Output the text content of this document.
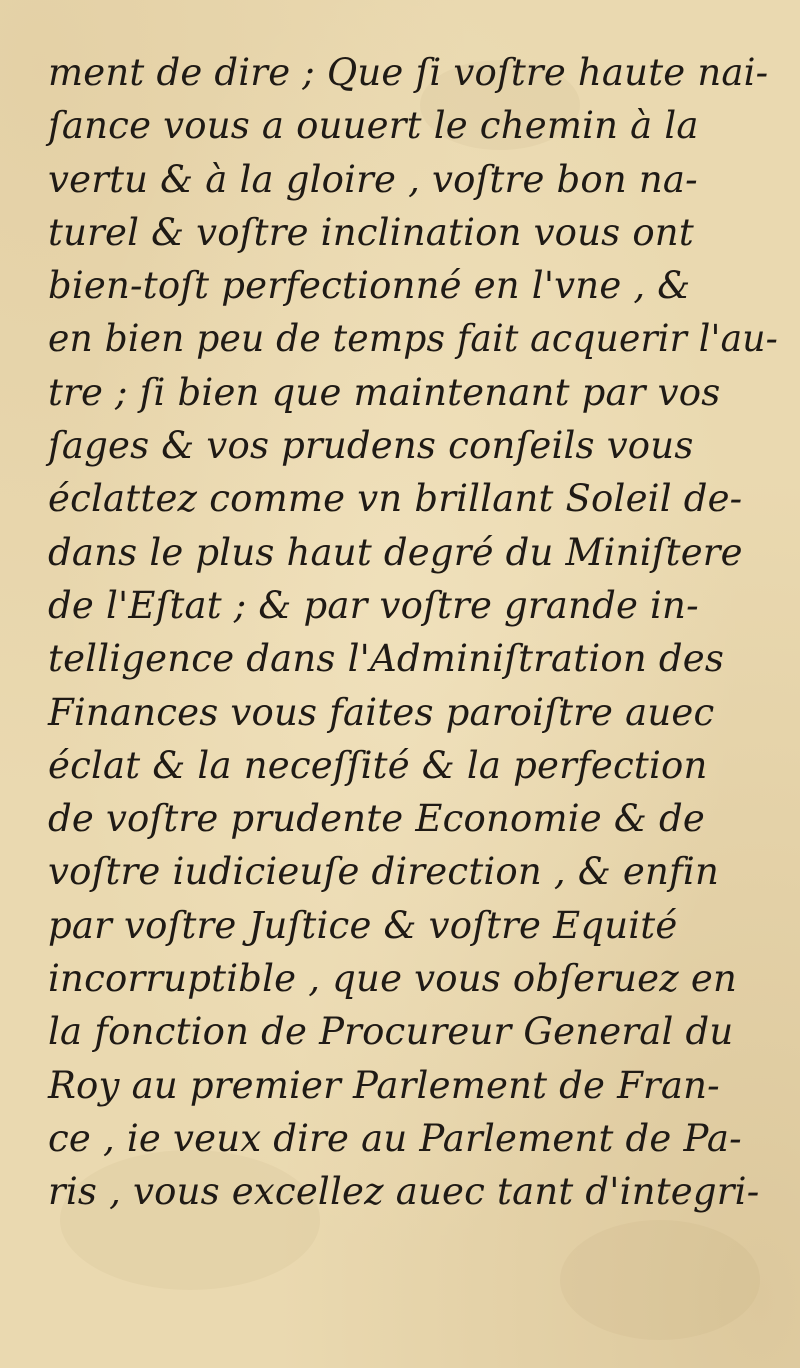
ment de dire ; Que ſi voſtre haute nai-
ſance vous a ouuert le chemin à la
vertu & à la gloire , voſtre bon na-
turel & voſtre inclination vous ont
bien-toſt perfectionné en l'vne , &
en bien peu de temps fait acquerir l'au-
tre ; ſi bien que maintenant par vos
ſages & vos prudens conſeils vous
éclattez comme vn brillant Soleil de-
dans le plus haut degré du Miniſtere
de l'Eſtat ; & par voſtre grande in-
telligence dans l'Adminiſtration des
Finances vous faites paroiſtre auec
éclat & la neceſſité & la perfection
de voſtre prudente Economie & de
voſtre iudicieuſe direction , & enfin
par voſtre Juſtice & voſtre Equité
incorruptible , que vous obſeruez en
la fonction de Procureur General du
Roy au premier Parlement de Fran-
ce , ie veux dire au Parlement de Pa-
ris , vous excellez auec tant d'integri-
